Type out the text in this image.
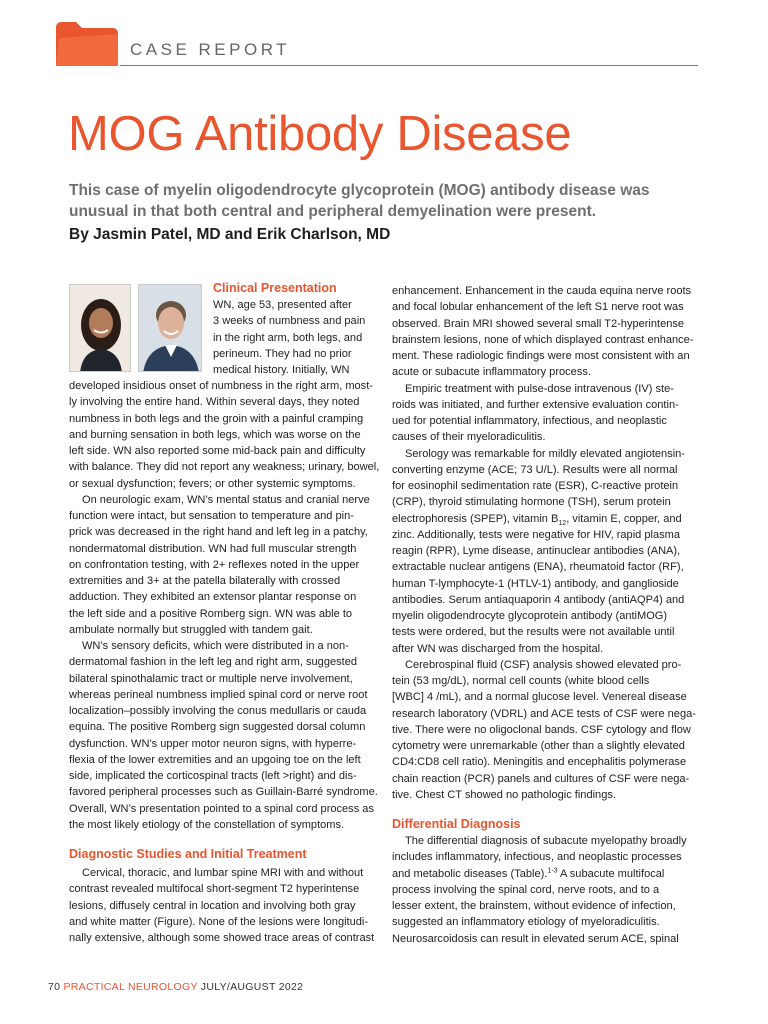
CASE REPORT
MOG Antibody Disease
This case of myelin oligodendrocyte glycoprotein (MOG) antibody disease was
unusual in that both central and peripheral demyelination were present.
By Jasmin Patel, MD and Erik Charlson, MD
Clinical Presentation
WN, age 53, presented after
3 weeks of numbness and pain
in the right arm, both legs, and
perineum. They had no prior
medical history. Initially, WN
developed insidious onset of numbness in the right arm, most-
ly involving the entire hand. Within several days, they noted
numbness in both legs and the groin with a painful cramping
and burning sensation in both legs, which was worse on the
left side. WN also reported some mid-back pain and difficulty
with balance. They did not report any weakness; urinary, bowel,
or sexual dysfunction; fevers; or other systemic symptoms.
On neurologic exam, WN’s mental status and cranial nerve
function were intact, but sensation to temperature and pin-
prick was decreased in the right hand and left leg in a patchy,
nondermatomal distribution. WN had full muscular strength
on confrontation testing, with 2+ reflexes noted in the upper
extremities and 3+ at the patella bilaterally with crossed
adduction. They exhibited an extensor plantar response on
the left side and a positive Romberg sign. WN was able to
ambulate normally but struggled with tandem gait.
WN’s sensory deficits, which were distributed in a non-
dermatomal fashion in the left leg and right arm, suggested
bilateral spinothalamic tract or multiple nerve involvement,
whereas perineal numbness implied spinal cord or nerve root
localization–possibly involving the conus medullaris or cauda
equina. The positive Romberg sign suggested dorsal column
dysfunction. WN’s upper motor neuron signs, with hyperre-
flexia of the lower extremities and an upgoing toe on the left
side, implicated the corticospinal tracts (left >right) and dis-
favored peripheral processes such as Guillain-Barré syndrome.
Overall, WN’s presentation pointed to a spinal cord process as
the most likely etiology of the constellation of symptoms.
Diagnostic Studies and Initial Treatment
Cervical, thoracic, and lumbar spine MRI with and without
contrast revealed multifocal short-segment T2 hyperintense
lesions, diffusely central in location and involving both gray
and white matter (Figure). None of the lesions were longitudi-
nally extensive, although some showed trace areas of contrast
enhancement. Enhancement in the cauda equina nerve roots
and focal lobular enhancement of the left S1 nerve root was
observed. Brain MRI showed several small T2-hyperintense
brainstem lesions, none of which displayed contrast enhance-
ment. These radiologic findings were most consistent with an
acute or subacute inflammatory process.
Empiric treatment with pulse-dose intravenous (IV) ste-
roids was initiated, and further extensive evaluation contin-
ued for potential inflammatory, infectious, and neoplastic
causes of their myeloradiculitis.
Serology was remarkable for mildly elevated angiotensin-
converting enzyme (ACE; 73 U/L). Results were all normal
for eosinophil sedimentation rate (ESR), C-reactive protein
(CRP), thyroid stimulating hormone (TSH), serum protein
electrophoresis (SPEP), vitamin $B_{12}$, vitamin E, copper, and
zinc. Additionally, tests were negative for HIV, rapid plasma
reagin (RPR), Lyme disease, antinuclear antibodies (ANA),
extractable nuclear antigens (ENA), rheumatoid factor (RF),
human T-lymphocyte-1 (HTLV-1) antibody, and ganglioside
antibodies. Serum antiaquaporin 4 antibody (antiAQP4) and
myelin oligodendrocyte glycoprotein antibody (antiMOG)
tests were ordered, but the results were not available until
after WN was discharged from the hospital.
Cerebrospinal fluid (CSF) analysis showed elevated pro-
tein (53 mg/dL), normal cell counts (white blood cells
[WBC] 4 /mL), and a normal glucose level. Venereal disease
research laboratory (VDRL) and ACE tests of CSF were nega-
tive. There were no oligoclonal bands. CSF cytology and flow
cytometry were unremarkable (other than a slightly elevated
CD4:CD8 cell ratio). Meningitis and encephalitis polymerase
chain reaction (PCR) panels and cultures of CSF were nega-
tive. Chest CT showed no pathologic findings.
Differential Diagnosis
The differential diagnosis of subacute myelopathy broadly
includes inflammatory, infectious, and neoplastic processes
and metabolic diseases (Table).$^{1-3}$ A subacute multifocal
process involving the spinal cord, nerve roots, and to a
lesser extent, the brainstem, without evidence of infection,
suggested an inflammatory etiology of myeloradiculitis.
Neurosarcoidosis can result in elevated serum ACE, spinal
70 PRACTICAL NEUROLOGY JULY/AUGUST 2022
